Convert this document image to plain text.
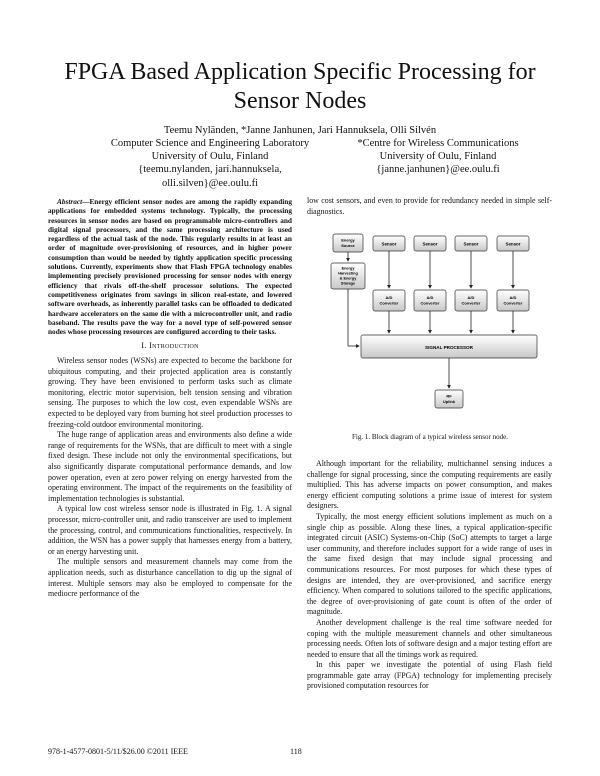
FPGA Based Application Specific Processing for
Sensor Nodes
Teemu Nyländen, *Janne Janhunen, Jari Hannuksela, Olli Silvén
Computer Science and Engineering Laboratory
University of Oulu, Finland
{teemu.nylanden, jari.hannuksela, olli.silven}@ee.oulu.fi
*Centre for Wireless Communications
University of Oulu, Finland
{janne.janhunen}@ee.oulu.fi
Abstract—Energy efficient sensor nodes are among the rapidly expanding applications for embedded systems technology. Typically, the processing resources in sensor nodes are based on programmable micro-controllers and digital signal processors, and the same processing architecture is used regardless of the actual task of the node. This regularly results in at least an order of magnitude over-provisioning of resources, and in higher power consumption than would be needed by tightly application specific processing solutions. Currently, experiments show that Flash FPGA technology enables implementing precisely provisioned processing for sensor nodes with energy efficiency that rivals off-the-shelf processor solutions. The expected competitiveness originates from savings in silicon real-estate, and lowered software overheads, as inherently parallel tasks can be offloaded to dedicated hardware accelerators on the same die with a microcontroller unit, and radio baseband. The results pave the way for a novel type of self-powered sensor nodes whose processing resources are configured according to their tasks.
I. Introduction

Wireless sensor nodes (WSNs) are expected to become the backbone for ubiquitous computing, and their projected application area is constantly growing. They have been envisioned to perform tasks such as climate monitoring, electric motor supervision, belt tension sensing and vibration sensing. The purposes to which the low cost, even expendable WSNs are expected to be deployed vary from burning hot steel production processes to freezing-cold outdoor environmental monitoring.

The huge range of application areas and environments also define a wide range of requirements for the WSNs, that are difficult to meet with a single fixed design. These include not only the environmental specifications, but also significantly disparate computational performance demands, and low power operation, even at zero power relying on energy harvested from the operating environment. The impact of the requirements on the feasibility of implementation technologies is substantial.

A typical low cost wireless sensor node is illustrated in Fig. 1. A signal processor, micro-controller unit, and radio transceiver are used to implement the processing, control, and communications functionalities, respectively. In addition, the WSN has a power supply that harnesses energy from a battery, or an energy harvesting unit.

The multiple sensors and measurement channels may come from the application needs, such as disturbance cancellation to dig up the signal of interest. Multiple sensors may also be employed to compensate for the mediocre performance of the

low cost sensors, and even to provide for redundancy needed in simple self-diagnostics.

Energy
Source
Energy
Harvesting
& Energy
Storage
Sensor	Sensor	Sensor	Sensor
A/D
Converter
A/D
Converter
A/D
Converter
A/D
Converter
SIGNAL PROCESSOR
RF
Uplink
Fig. 1. Block diagram of a typical wireless sensor node.

Although important for the reliability, multichannel sensing induces a challenge for signal processing, since the computing requirements are easily multiplied. This has adverse impacts on power consumption, and makes energy efficient computing solutions a prime issue of interest for system designers.

Typically, the most energy efficient solutions implement as much on a single chip as possible. Along these lines, a typical application-specific integrated circuit (ASIC) Systems-on-Chip (SoC) attempts to target a large user community, and therefore includes support for a wide range of uses in the same fixed design that may include signal processing and communications resources. For most purposes for which these types of designs are intended, they are over-provisioned, and sacrifice energy efficiency. When compared to solutions tailored to the specific applications, the degree of over-provisioning of gate count is often of the order of magnitude.

Another development challenge is the real time software needed for coping with the multiple measurement channels and other simultaneous processing needs. Often lots of software design and a major testing effort are needed to ensure that all the timings work as required.

In this paper we investigate the potential of using Flash field programmable gate array (FPGA) technology for implementing precisely provisioned computation resources for

978-1-4577-0801-5/11/$26.00 ©2011 IEEE	118
